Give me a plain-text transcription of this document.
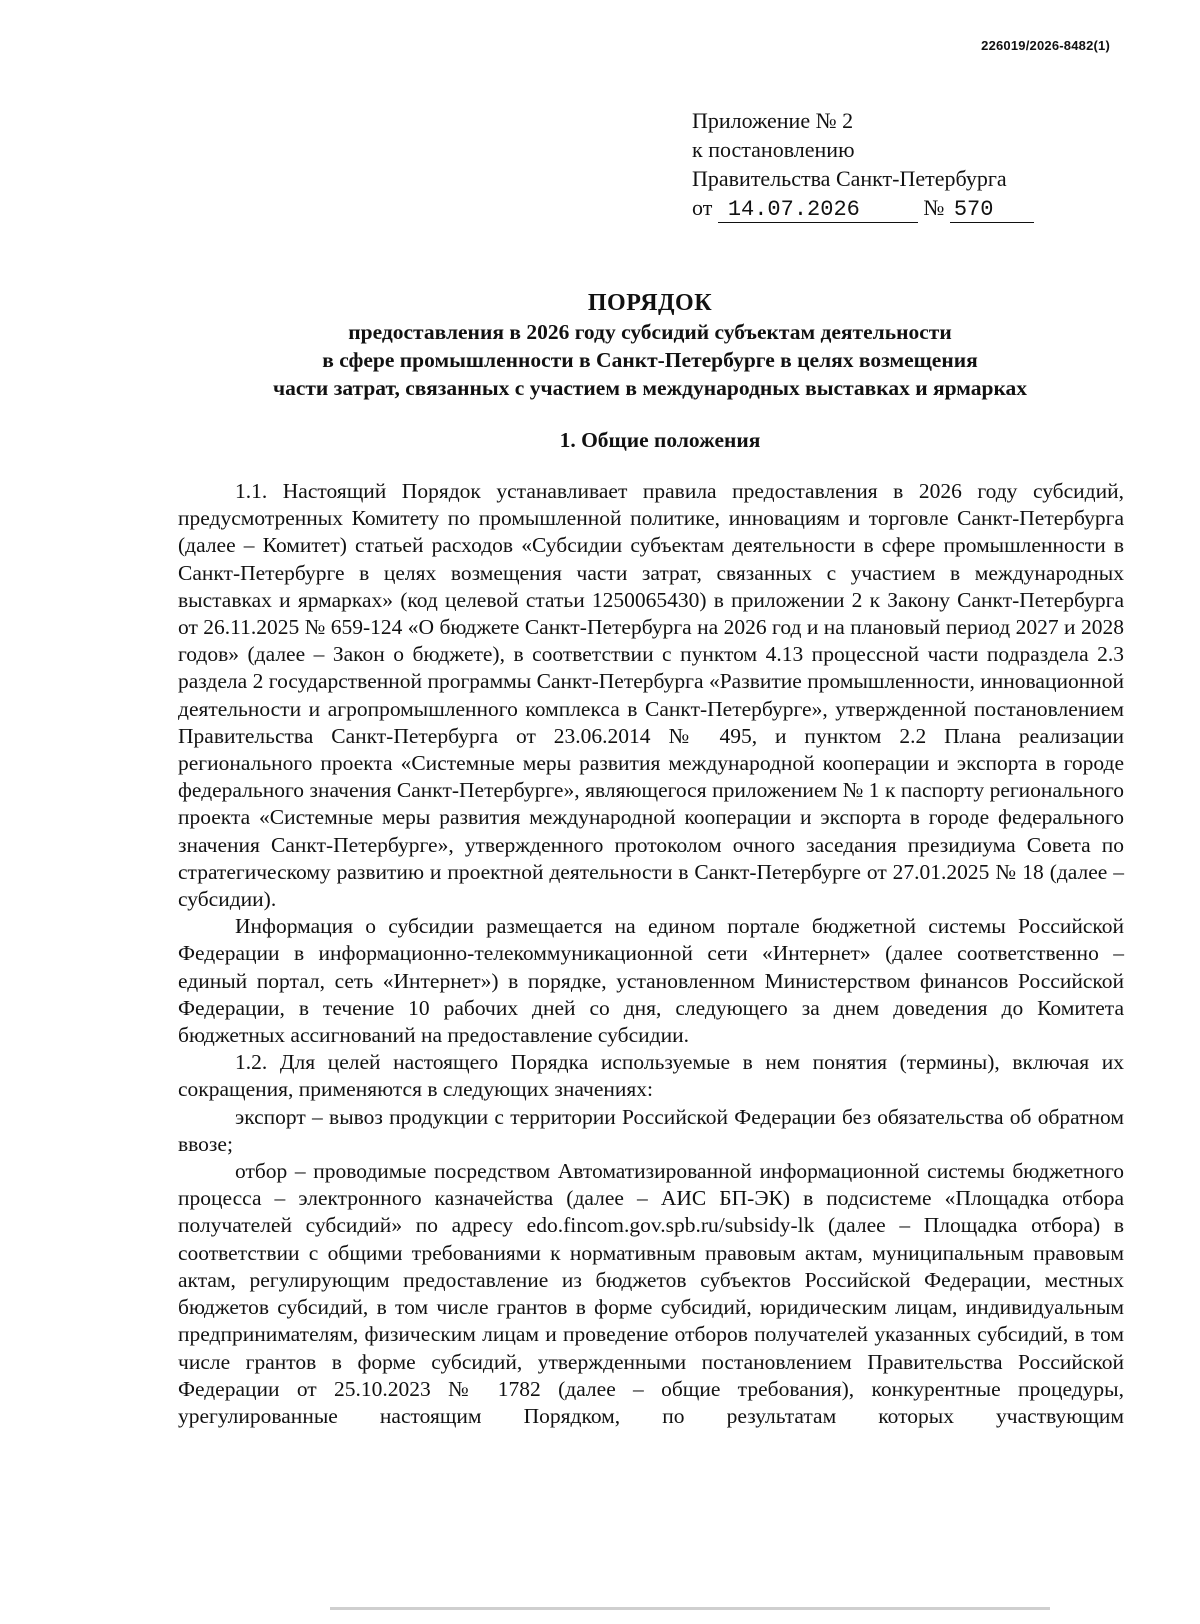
226019/2026-8482(1)
Приложение № 2
к постановлению
Правительства Санкт-Петербурга
от 14.07.2026	№ 570
ПОРЯДОК
предоставления в 2026 году субсидий субъектам деятельности
в сфере промышленности в Санкт-Петербурге в целях возмещения
части затрат, связанных с участием в международных выставках и ярмарках
1. Общие положения

1.1. Настоящий Порядок устанавливает правила предоставления в 2026 году субсидий, предусмотренных Комитету по промышленной политике, инновациям и торговле Санкт-Петербурга (далее – Комитет) статьей расходов «Субсидии субъектам деятельности в сфере промышленности в Санкт-Петербурге в целях возмещения части затрат, связанных с участием в международных выставках и ярмарках» (код целевой статьи 1250065430) в приложении 2 к Закону Санкт-Петербурга от 26.11.2025 № 659-124 «О бюджете Санкт-Петербурга на 2026 год и на плановый период 2027 и 2028 годов» (далее – Закон о бюджете), в соответствии с пунктом 4.13 процессной части подраздела 2.3 раздела 2 государственной программы Санкт-Петербурга «Развитие промышленности, инновационной деятельности и агропромышленного комплекса в Санкт-Петербурге», утвержденной постановлением Правительства Санкт-Петербурга от 23.06.2014 № 495, и пунктом 2.2 Плана реализации регионального проекта «Системные меры развития международной кооперации и экспорта в городе федерального значения Санкт-Петербурге», являющегося приложением № 1 к паспорту регионального проекта «Системные меры развития международной кооперации и экспорта в городе федерального значения Санкт-Петербурге», утвержденного протоколом очного заседания президиума Совета по стратегическому развитию и проектной деятельности в Санкт-Петербурге от 27.01.2025 № 18 (далее – субсидии).

Информация о субсидии размещается на едином портале бюджетной системы Российской Федерации в информационно-телекоммуникационной сети «Интернет» (далее соответственно – единый портал, сеть «Интернет») в порядке, установленном Министерством финансов Российской Федерации, в течение 10 рабочих дней со дня, следующего за днем доведения до Комитета бюджетных ассигнований на предоставление субсидии.

1.2. Для целей настоящего Порядка используемые в нем понятия (термины), включая их сокращения, применяются в следующих значениях:

экспорт – вывоз продукции с территории Российской Федерации без обязательства об обратном ввозе;

отбор – проводимые посредством Автоматизированной информационной системы бюджетного процесса – электронного казначейства (далее – АИС БП-ЭК) в подсистеме «Площадка отбора получателей субсидий» по адресу edo.fincom.gov.spb.ru/subsidy-lk (далее – Площадка отбора) в соответствии с общими требованиями к нормативным правовым актам, муниципальным правовым актам, регулирующим предоставление из бюджетов субъектов Российской Федерации, местных бюджетов субсидий, в том числе грантов в форме субсидий, юридическим лицам, индивидуальным предпринимателям, физическим лицам и проведение отборов получателей указанных субсидий, в том числе грантов в форме субсидий, утвержденными постановлением Правительства Российской Федерации от 25.10.2023 № 1782 (далее – общие требования), конкурентные процедуры, урегулированные настоящим Порядком, по результатам которых участвующим
